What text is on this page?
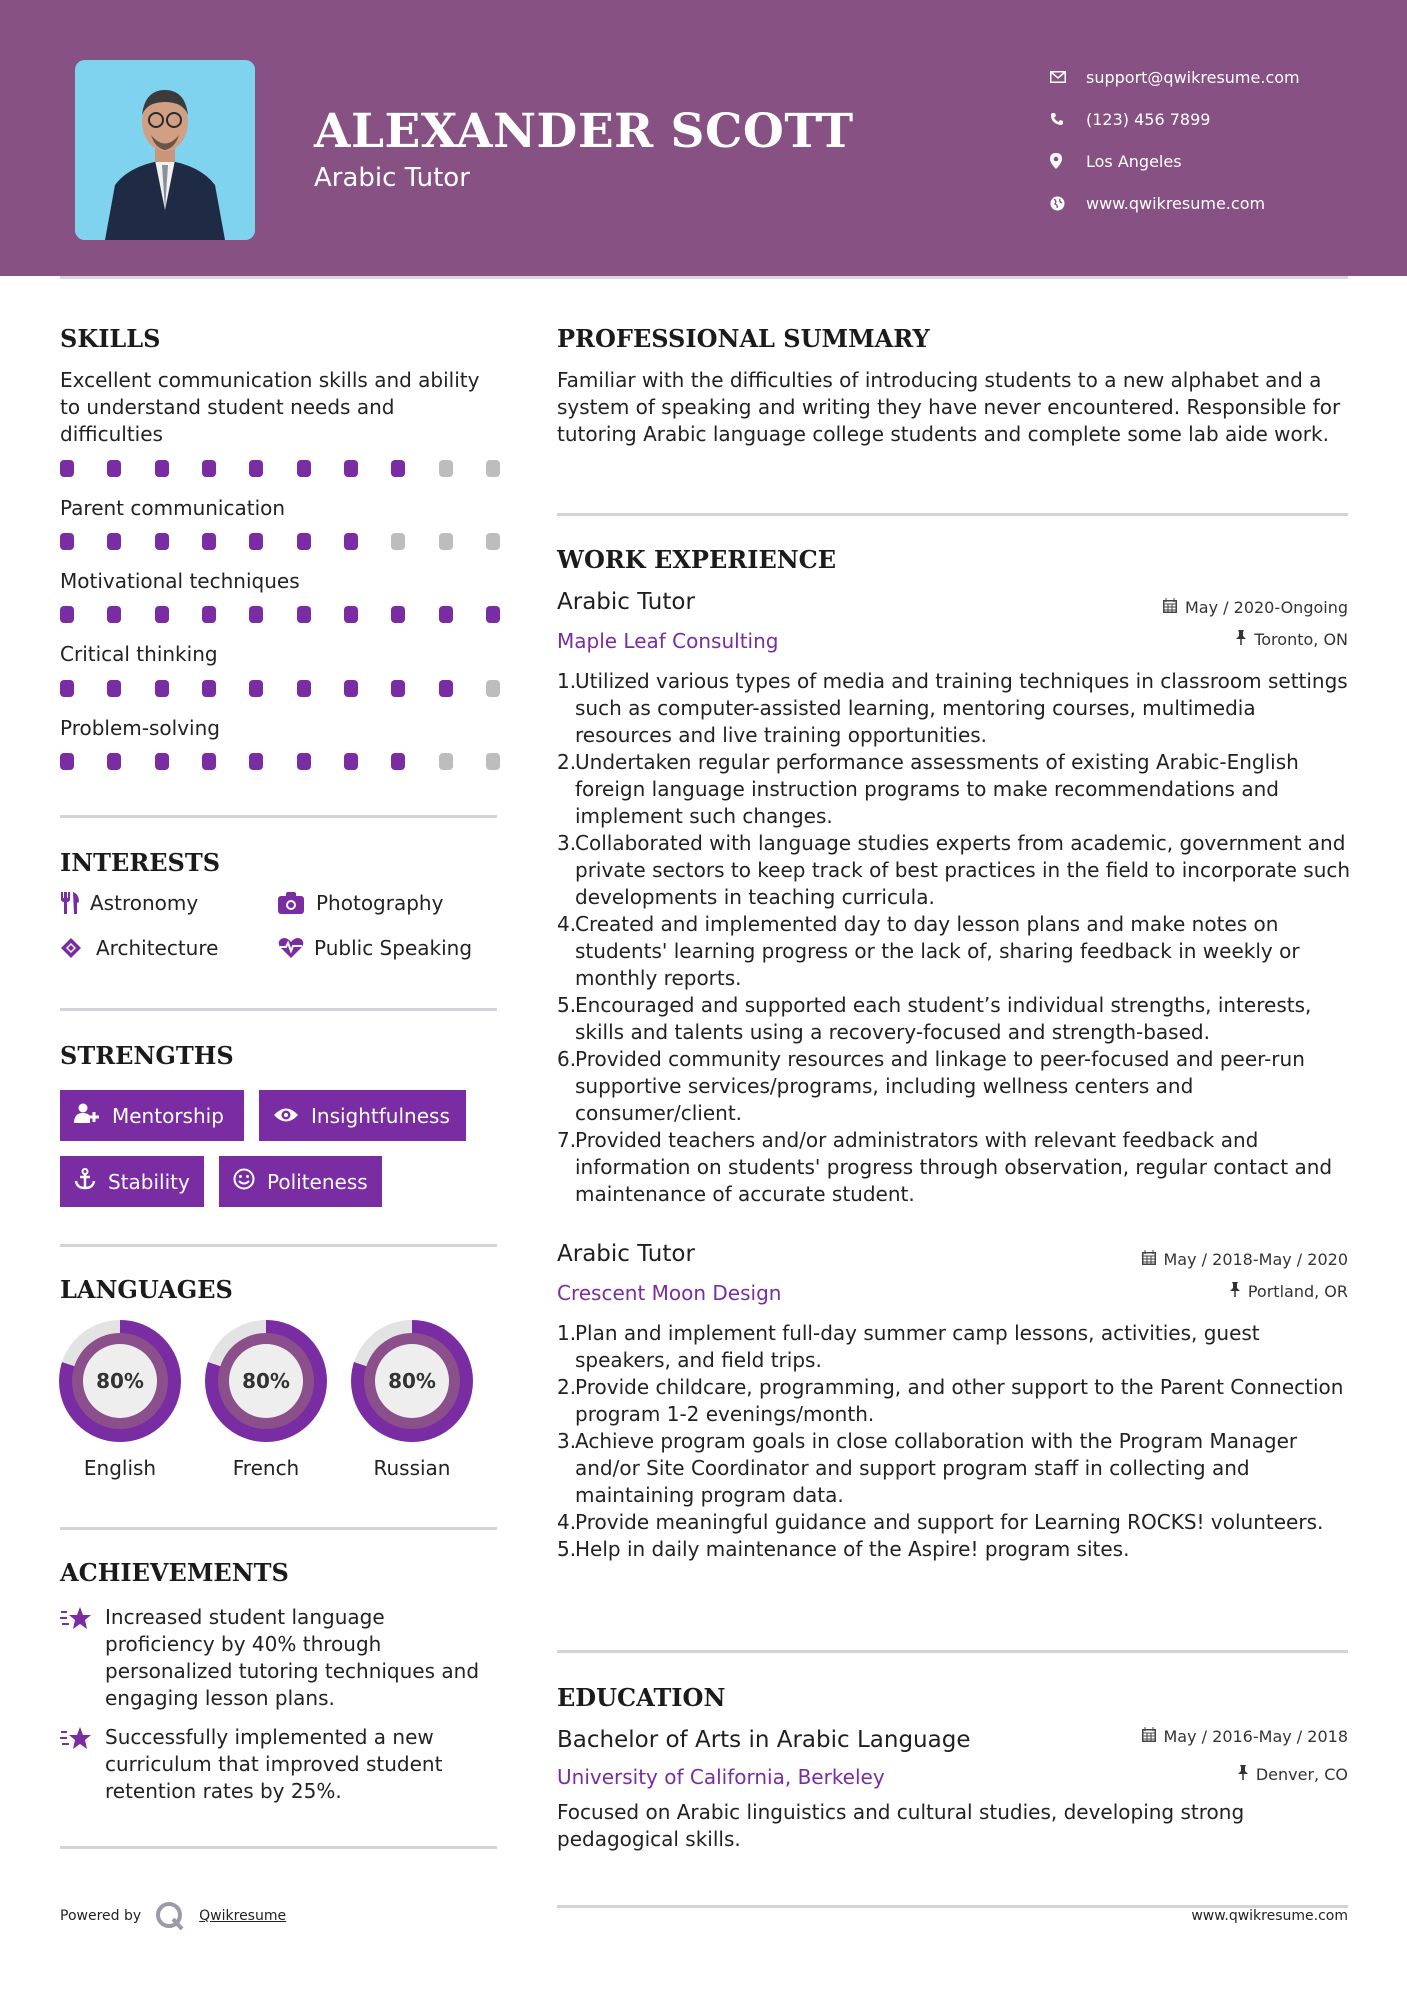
ALEXANDER SCOTT
Arabic Tutor
support@qwikresume.com
(123) 456 7899
Los Angeles
www.qwikresume.com
SKILLS
Excellent communication skills and ability to understand student needs and difficulties
Parent communication
Motivational techniques
Critical thinking
Problem-solving
INTERESTS
Astronomy	Photography
Architecture	Public Speaking
STRENGTHS
Mentorship	Insightfulness
Stability	Politeness
LANGUAGES
80%
English
80%
French
80%
Russian
ACHIEVEMENTS
Increased student language proficiency by 40% through personalized tutoring techniques and engaging lesson plans.
Successfully implemented a new curriculum that improved student retention rates by 25%.
Powered by	Qwikresume
PROFESSIONAL SUMMARY
Familiar with the difficulties of introducing students to a new alphabet and a system of speaking and writing they have never encountered. Responsible for tutoring Arabic language college students and complete some lab aide work.
WORK EXPERIENCE
Arabic Tutor	May / 2020-Ongoing
Maple Leaf Consulting	Toronto, ON
1.
Utilized various types of media and training techniques in classroom settings such as computer-assisted learning, mentoring courses, multimedia resources and live training opportunities.
2.
Undertaken regular performance assessments of existing Arabic-English foreign language instruction programs to make recommendations and implement such changes.
3.
Collaborated with language studies experts from academic, government and private sectors to keep track of best practices in the field to incorporate such developments in teaching curricula.
4.
Created and implemented day to day lesson plans and make notes on students' learning progress or the lack of, sharing feedback in weekly or monthly reports.
5.
Encouraged and supported each student’s individual strengths, interests, skills and talents using a recovery-focused and strength-based.
6.
Provided community resources and linkage to peer-focused and peer-run supportive services/programs, including wellness centers and consumer/client.
7.
Provided teachers and/or administrators with relevant feedback and information on students' progress through observation, regular contact and maintenance of accurate student.
Arabic Tutor	May / 2018-May / 2020
Crescent Moon Design	Portland, OR
1.
Plan and implement full-day summer camp lessons, activities, guest speakers, and field trips.
2.
Provide childcare, programming, and other support to the Parent Connection program 1-2 evenings/month.
3.
Achieve program goals in close collaboration with the Program Manager and/or Site Coordinator and support program staff in collecting and maintaining program data.
4.
Provide meaningful guidance and support for Learning ROCKS! volunteers.
5.
Help in daily maintenance of the Aspire! program sites.
EDUCATION
Bachelor of Arts in Arabic Language	May / 2016-May / 2018
University of California, Berkeley	Denver, CO
Focused on Arabic linguistics and cultural studies, developing strong pedagogical skills.
www.qwikresume.com
